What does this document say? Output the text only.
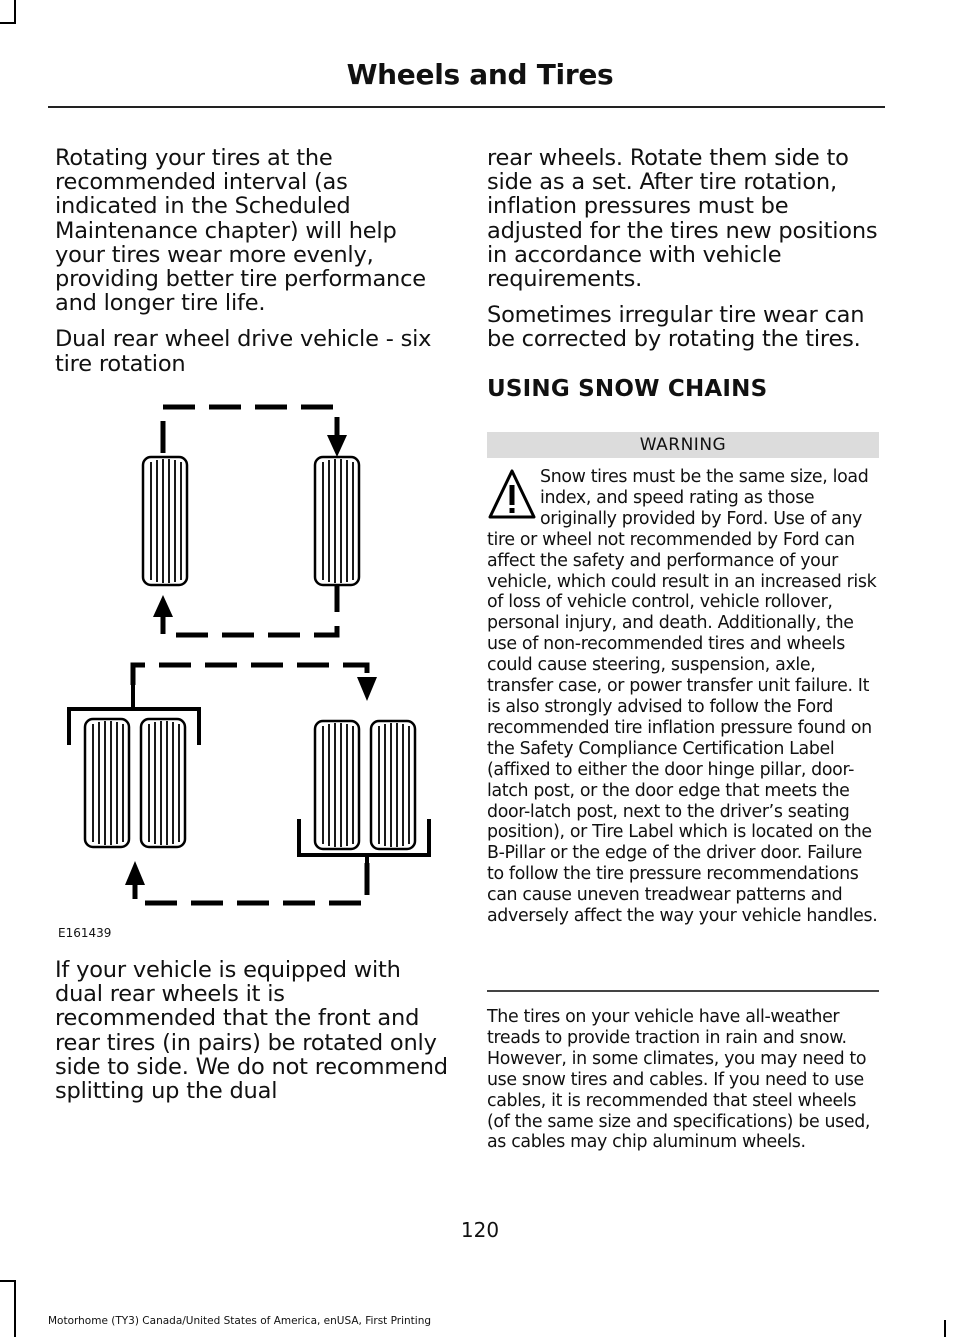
Wheels and Tires

Rotating your tires at the recommended interval (as indicated in the Scheduled Maintenance chapter) will help your tires wear more evenly, providing better tire performance and longer tire life.

Dual rear wheel drive vehicle - six tire rotation

E161439

If your vehicle is equipped with dual rear wheels it is recommended that the front and rear tires (in pairs) be rotated only side to side. We do not recommend splitting up the dual

rear wheels. Rotate them side to side as a set. After tire rotation, inflation pressures must be adjusted for the tires new positions in accordance with vehicle requirements.

Sometimes irregular tire wear can be corrected by rotating the tires.

USING SNOW CHAINS
WARNING
Snow tires must be the same size, load index, and speed rating as those originally provided by Ford. Use of any tire or wheel not recommended by Ford can affect the safety and performance of your vehicle, which could result in an increased risk of loss of vehicle control, vehicle rollover, personal injury, and death. Additionally, the use of non-recommended tires and wheels could cause steering, suspension, axle, transfer case, or power transfer unit failure. It is also strongly advised to follow the Ford recommended tire inflation pressure found on the Safety Compliance Certification Label (affixed to either the door hinge pillar, door-latch post, or the door edge that meets the door-latch post, next to the driver’s seating position), or Tire Label which is located on the B-Pillar or the edge of the driver door. Failure to follow the tire pressure recommendations can cause uneven treadwear patterns and adversely affect the way your vehicle handles.

The tires on your vehicle have all-weather treads to provide traction in rain and snow. However, in some climates, you may need to use snow tires and cables. If you need to use cables, it is recommended that steel wheels (of the same size and specifications) be used, as cables may chip aluminum wheels.

120
Motorhome (TY3) Canada/United States of America, enUSA, First Printing
